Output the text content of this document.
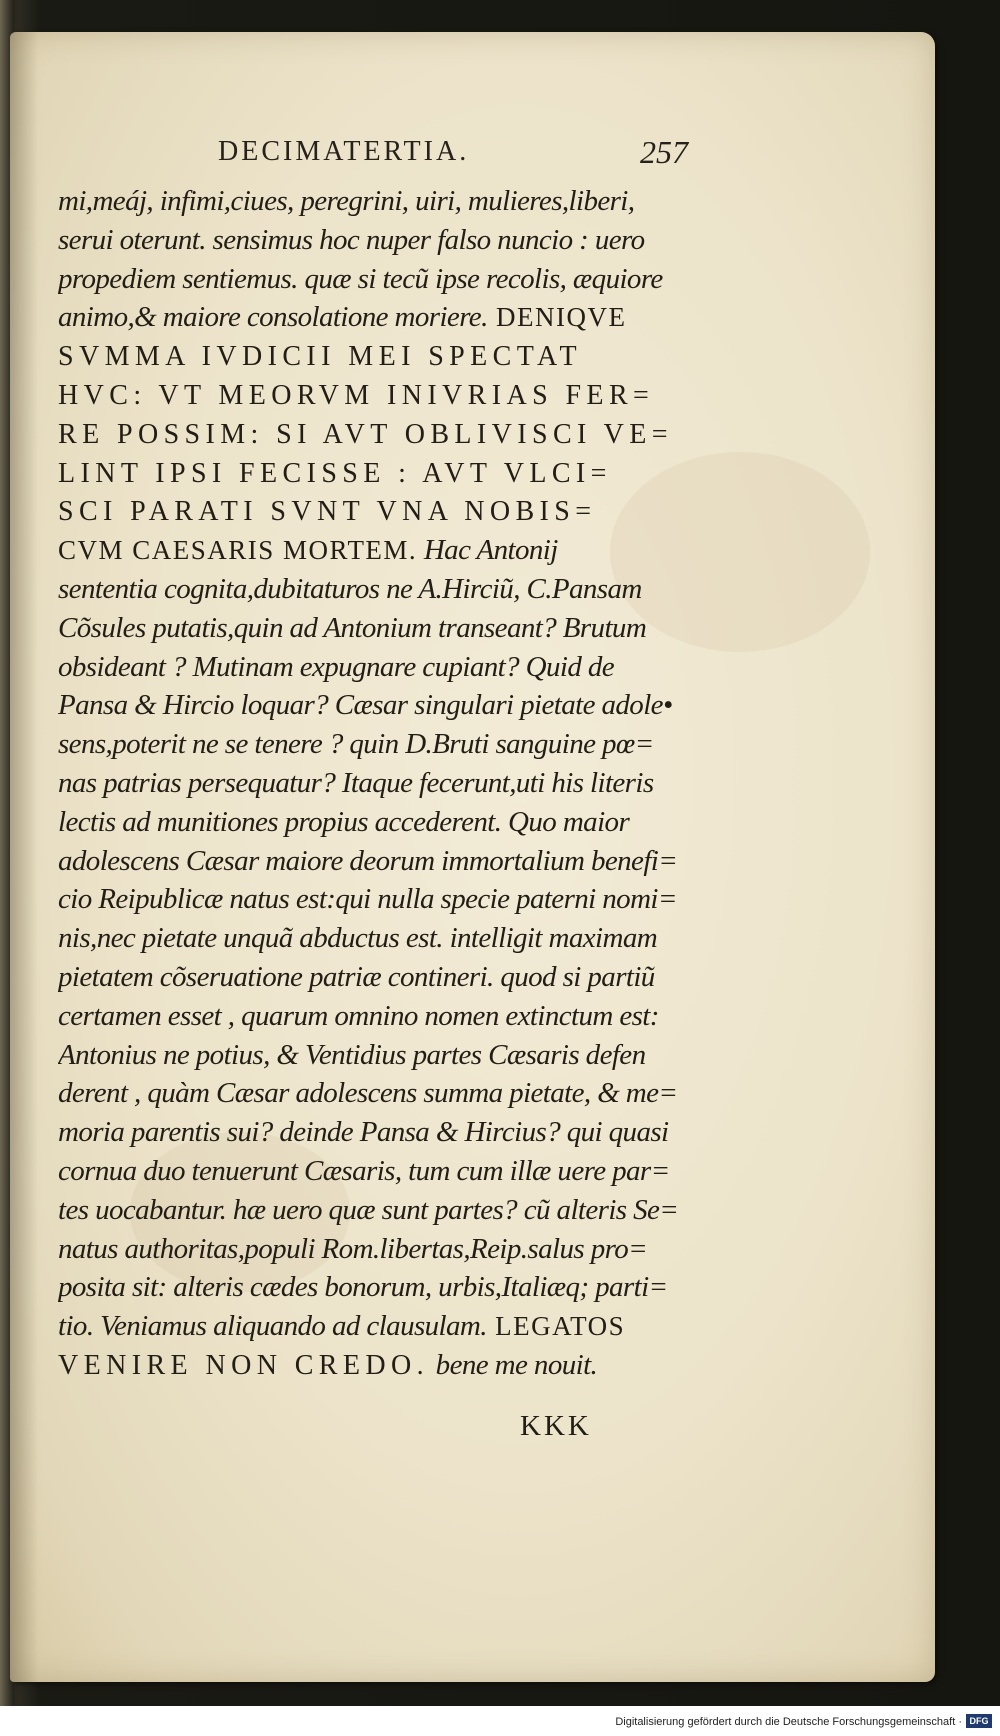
DECIMATERTIA.	257
mi,meáj, infimi,ciues, peregrini, uiri, mulieres,liberi,
serui oterunt. sensimus hoc nuper falso nuncio : uero
propediem sentiemus. quæ si tecũ ipse recolis, æquiore
animo,& maiore consolatione moriere. DENIQVE
SVMMA IVDICII MEI SPECTAT
HVC: VT MEORVM INIVRIAS FER=
RE POSSIM: SI AVT OBLIVISCI VE=
LINT IPSI FECISSE : AVT VLCI=
SCI PARATI SVNT VNA NOBIS=
CVM CAESARIS MORTEM. Hac Antonij
sententia cognita,dubitaturos ne A.Hirciũ, C.Pansam
Cõsules putatis,quin ad Antonium transeant? Brutum
obsideant ? Mutinam expugnare cupiant? Quid de
Pansa & Hircio loquar? Cæsar singulari pietate adole•
sens,poterit ne se tenere ? quin D.Bruti sanguine pœ=
nas patrias persequatur? Itaque fecerunt,uti his literis
lectis ad munitiones propius accederent. Quo maior
adolescens Cæsar maiore deorum immortalium benefi=
cio Reipublicæ natus est:qui nulla specie paterni nomi=
nis,nec pietate unquã abductus est. intelligit maximam
pietatem cõseruatione patriæ contineri. quod si partiũ
certamen esset , quarum omnino nomen extinctum est:
Antonius ne potius, & Ventidius partes Cæsaris defen
derent , quàm Cæsar adolescens summa pietate, & me=
moria parentis sui? deinde Pansa & Hircius? qui quasi
cornua duo tenuerunt Cæsaris, tum cum illæ uere par=
tes uocabantur. hæ uero quæ sunt partes? cũ alteris Se=
natus authoritas,populi Rom.libertas,Reip.salus pro=
posita sit: alteris cædes bonorum, urbis,Italiæq; parti=
tio. Veniamus aliquando ad clausulam. LEGATOS
VENIRE NON CREDO. bene me nouit.
KKK
Digitalisierung gefördert durch die Deutsche Forschungsgemeinschaft · DFG
